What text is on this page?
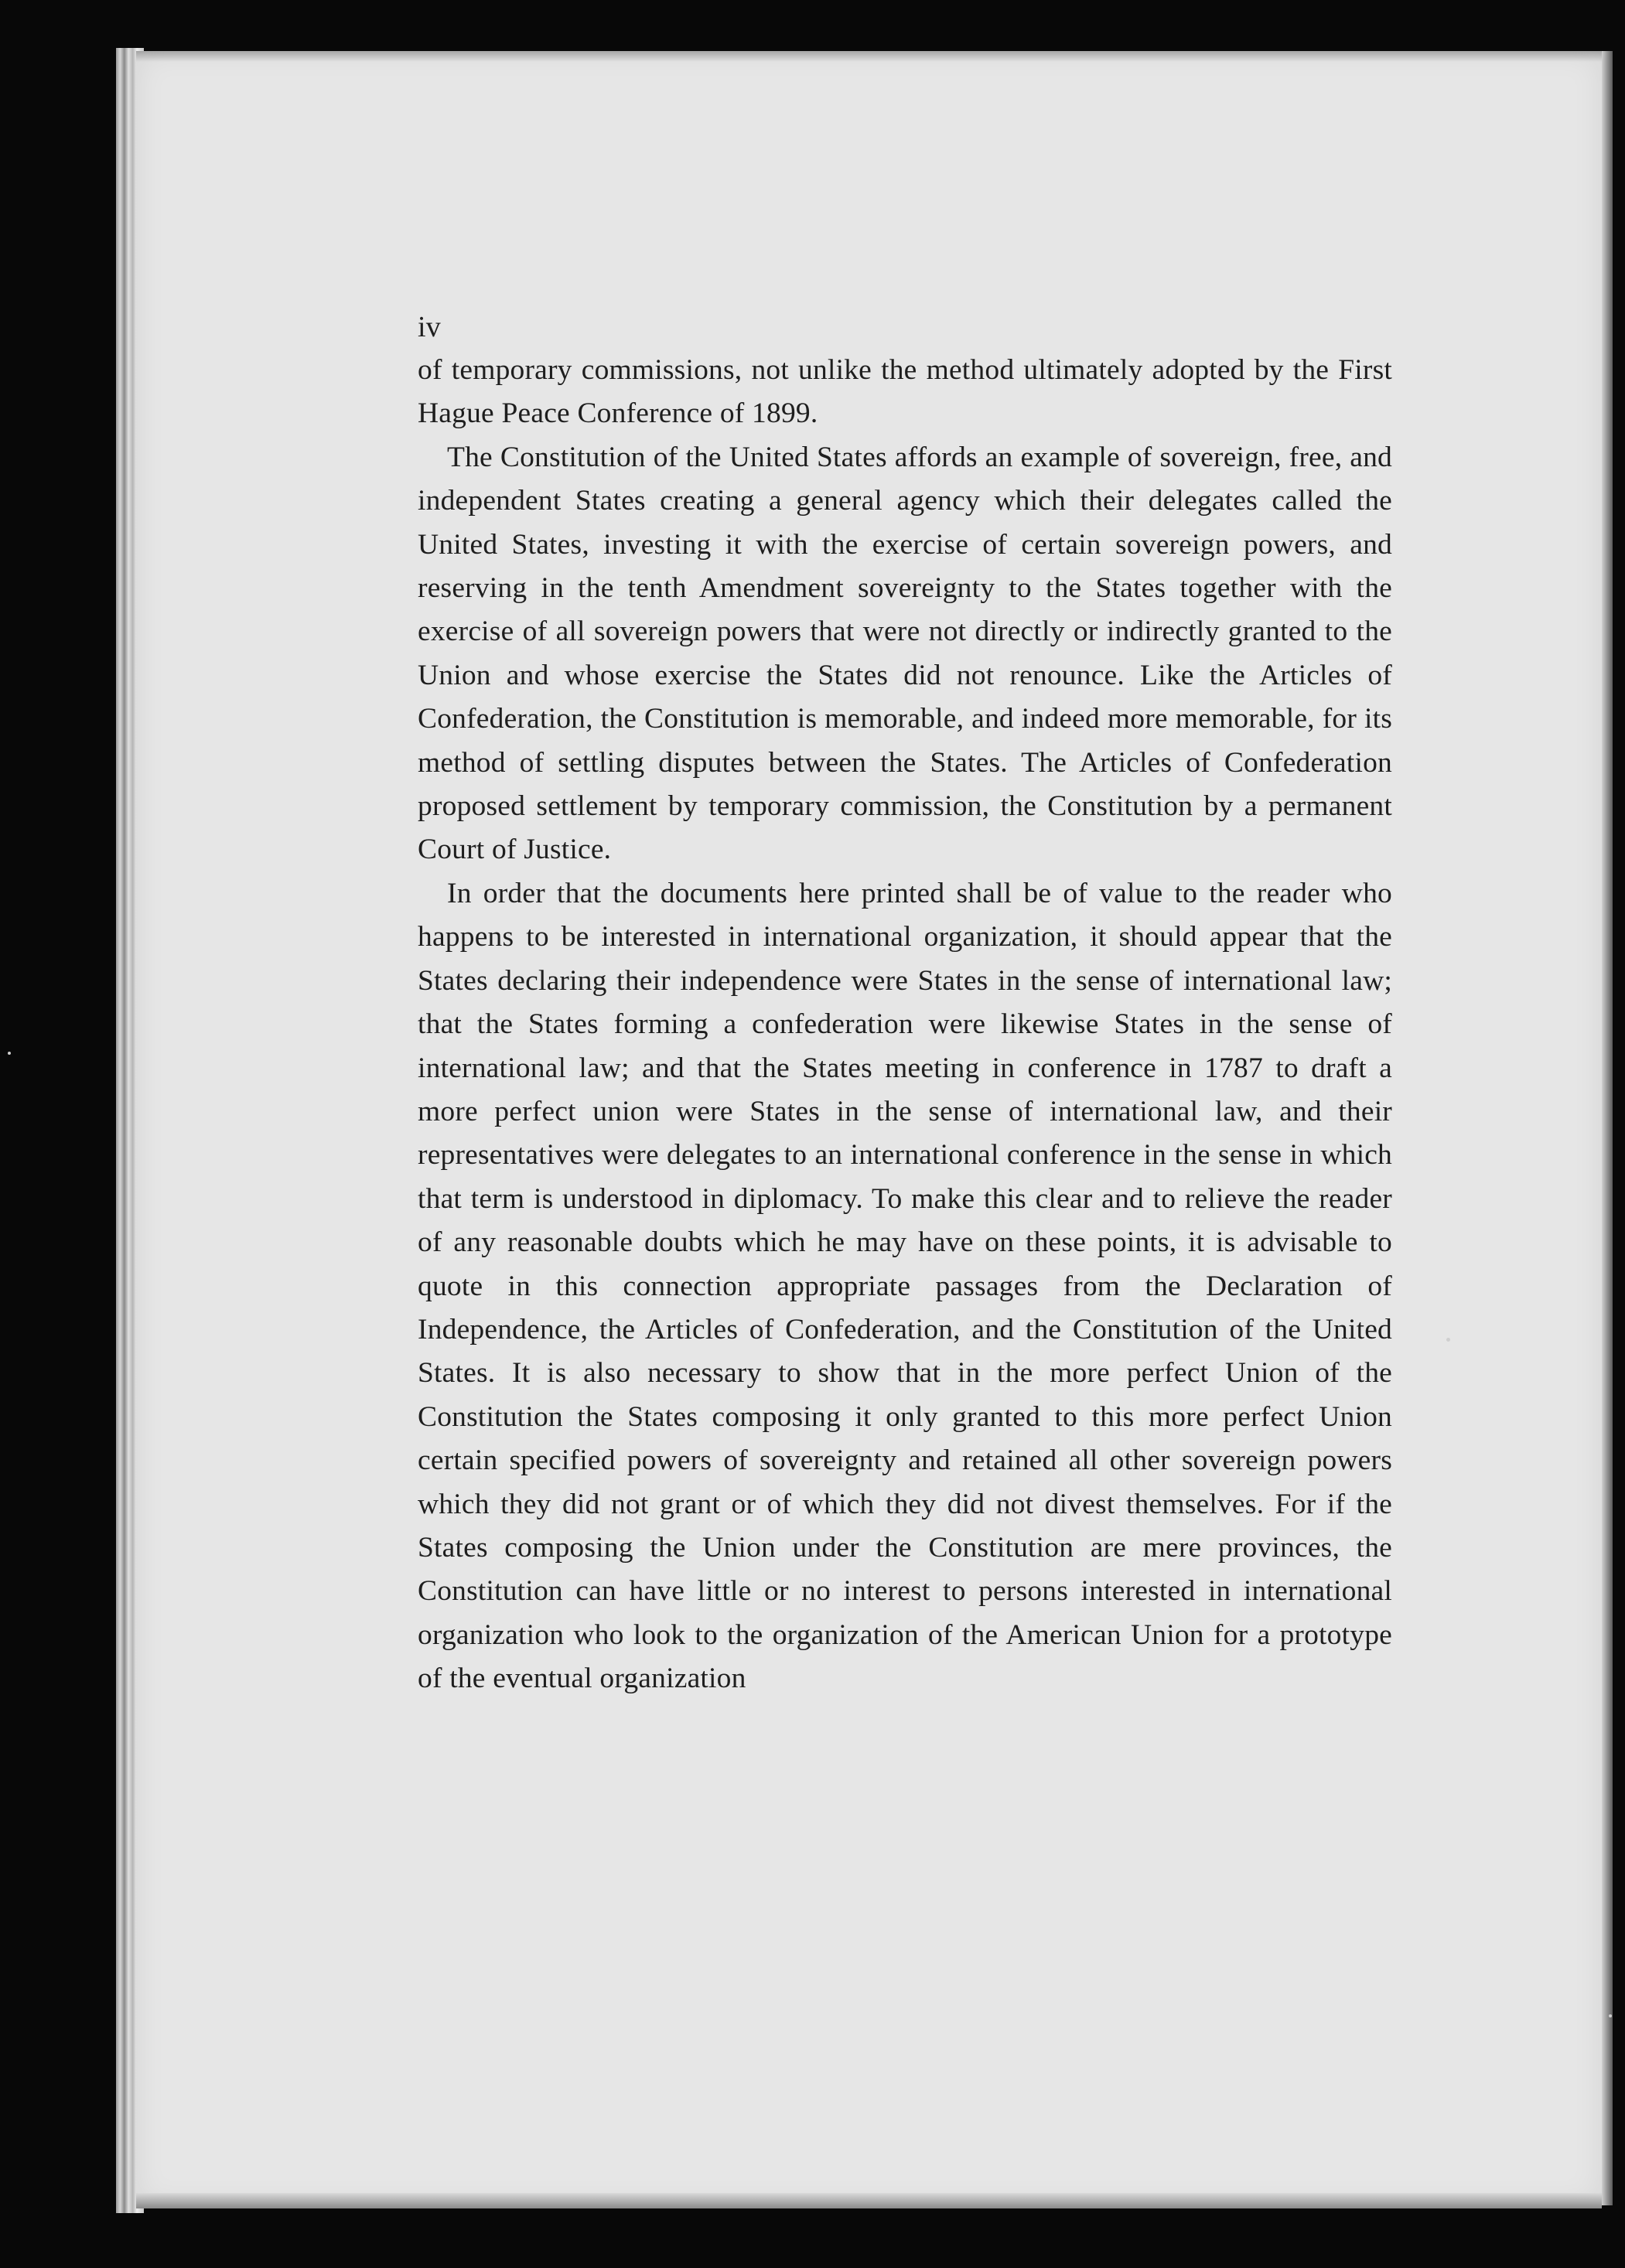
iv

of temporary commissions, not unlike the method ultimately adopted by the First Hague Peace Conference of 1899.

The Constitution of the United States affords an example of sovereign, free, and independent States creating a general agency which their delegates called the United States, investing it with the exercise of certain sovereign powers, and reserving in the tenth Amendment sovereignty to the States together with the exercise of all sovereign powers that were not directly or indirectly granted to the Union and whose exercise the States did not renounce. Like the Articles of Confederation, the Constitution is memorable, and indeed more memorable, for its method of settling disputes between the States. The Articles of Confederation proposed settlement by temporary commission, the Constitution by a permanent Court of Justice.

In order that the documents here printed shall be of value to the reader who happens to be interested in international organization, it should appear that the States declaring their independence were States in the sense of international law; that the States forming a confederation were likewise States in the sense of international law; and that the States meeting in conference in 1787 to draft a more perfect union were States in the sense of international law, and their representatives were delegates to an international conference in the sense in which that term is understood in diplomacy. To make this clear and to relieve the reader of any reasonable doubts which he may have on these points, it is advisable to quote in this connection appropriate passages from the Declaration of Independence, the Articles of Confederation, and the Constitution of the United States. It is also necessary to show that in the more perfect Union of the Constitution the States composing it only granted to this more perfect Union certain specified powers of sovereignty and retained all other sovereign powers which they did not grant or of which they did not divest themselves. For if the States composing the Union under the Constitution are mere provinces, the Constitution can have little or no interest to persons interested in international organization who look to the organization of the American Union for a prototype of the eventual organization
